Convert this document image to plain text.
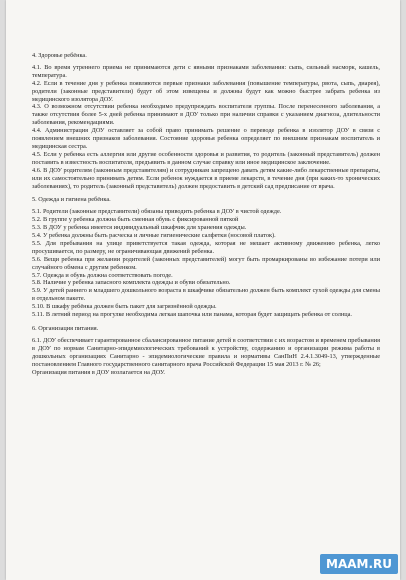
4. Здоровье ребёнка.

4.1. Во время утреннего приема не принимаются дети с явными признаками заболевания: сыпь, сильный насморк, кашель, температура.

4.2. Если в течение дня у ребенка появляются первые признаки заболевания (повышение температуры, рвота, сыпь, диарея), родители (законные представители) будут об этом извещены и должны будут как можно быстрее забрать ребенка из медицинского изолятора ДОУ.

4.3. О возможном отсутствии ребенка необходимо предупреждать воспитателя группы. После перенесенного заболевания, а также отсутствия более 5-х дней ребенка принимают в ДОУ только при наличии справки с указанием диагноза, длительности заболевания, рекомендациями.

4.4. Администрация ДОУ оставляет за собой право принимать решение о переводе ребенка в изолятор ДОУ в связи с появлением внешних признаков заболевания. Состояние здоровья ребенка определяет по внешним признакам воспитатель и медицинская сестра.

4.5. Если у ребенка есть аллергия или другие особенности здоровья и развития, то родитель (законный представитель) должен поставить в известность воспитателя, предъявить в данном случае справку или иное медицинское заключение.

4.6. В ДОУ родителям (законным представителям) и сотрудникам запрещено давать детям какие-либо лекарственные препараты, или их самостоятельно принимать детям. Если ребенок нуждается в приеме лекарств, в течение дня (при каких-то хронических заболеваниях), то родитель (законный представитель) должен предоставить в детский сад предписание от врача.

5. Одежда и гигиена ребёнка.

5.1. Родители (законные представители) обязаны приводить ребенка в ДОУ в чистой одежде.

5.2. В группе у ребенка должна быть сменная обувь с фиксированной пяткой

5.3. В ДОУ у ребенка имеется индивидуальный шкафчик для хранения одежды.

5.4. У ребенка должны быть расческа и личные гигиенические салфетки (носовой платок).

5.5. Для пребывания на улице приветствуется такая одежда, которая не мешает активному движению ребенка, легко просушивается, по размеру, не ограничивающая движений ребенка.

5.6. Вещи ребенка при желании родителей (законных представителей) могут быть промаркированы во избежание потери или случайного обмена с другим ребенком.

5.7. Одежда и обувь должна соответствовать погоде.

5.8. Наличие у ребенка запасного комплекта одежды и обуви обязательно.

5.9. У детей раннего и младшего дошкольного возраста в шкафчике обязательно должен быть комплект сухой одежды для смены в отдельном пакете.

5.10. В шкафу ребёнка должен быть пакет для загрязнённой одежды.

5.11. В летний период на прогулке необходима легкая шапочка или панама, которая будет защищать ребенка от солнца.

6. Организация питания.

6.1. ДОУ обеспечивает гарантированное сбалансированное питание детей в соответствии с их возрастом и временем пребывания в ДОУ по нормам Санитарно-эпидемиологических требований к устройству, содержанию и организации режима работы в дошкольных организациях Санитарно - эпидемиологические правила и нормативы СанПиН 2.4.1.3049-13, утвержденные постановлением Главного государственного санитарного врача Российской Федерации 15 мая 2013 г. № 26;

Организация питания в ДОУ возлагается на ДОУ.

MAAM.RU
